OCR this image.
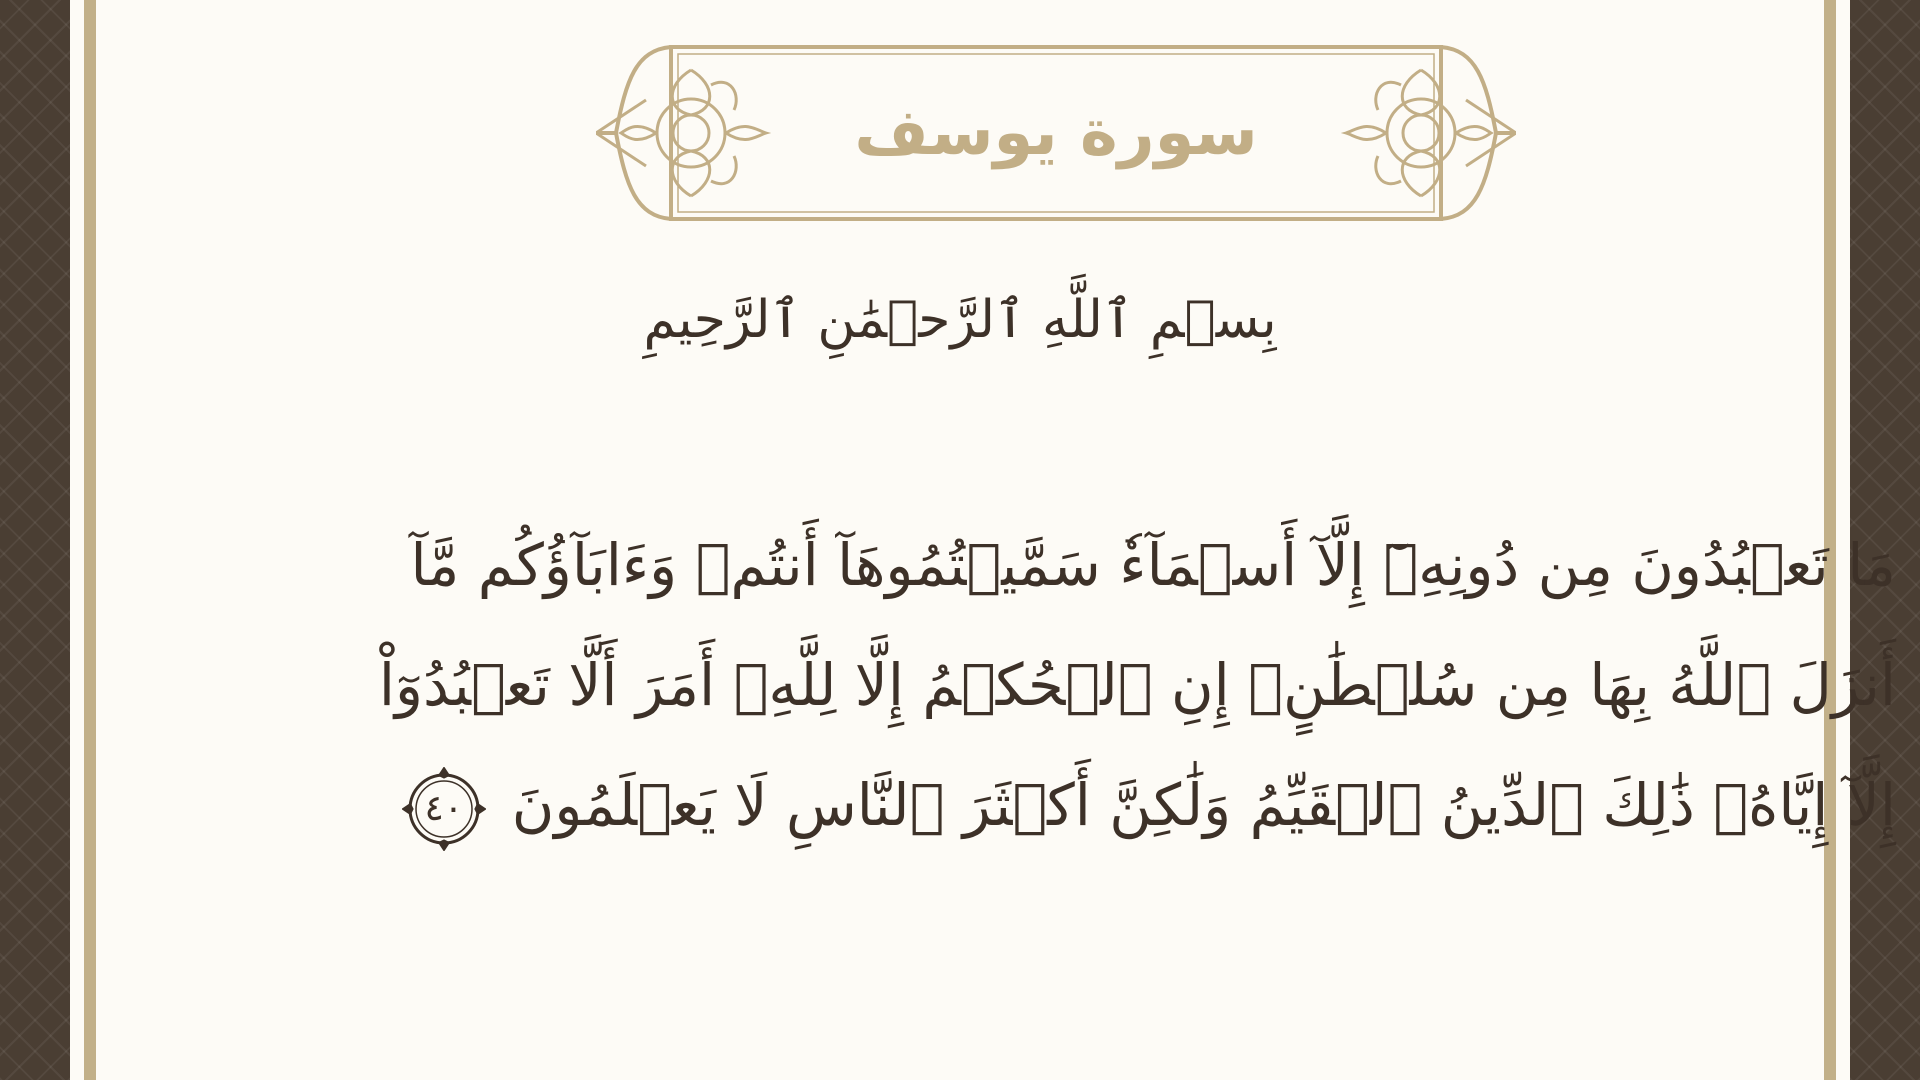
سورة يوسف
بِسۡمِ ٱللَّهِ ٱلرَّحۡمَٰنِ ٱلرَّحِيمِ
مَا تَعۡبُدُونَ مِن دُونِهِۦٓ إِلَّآ أَسۡمَآءٗ سَمَّيۡتُمُوهَآ أَنتُمۡ وَءَابَآؤُكُم مَّآ
أَنزَلَ ٱللَّهُ بِهَا مِن سُلۡطَٰنٍۚ إِنِ ٱلۡحُكۡمُ إِلَّا لِلَّهِۚ أَمَرَ أَلَّا تَعۡبُدُوٓاْ
إِلَّآ إِيَّاهُۚ ذَٰلِكَ ٱلدِّينُ ٱلۡقَيِّمُ وَلَٰكِنَّ أَكۡثَرَ ٱلنَّاسِ لَا يَعۡلَمُونَ
٤٠
